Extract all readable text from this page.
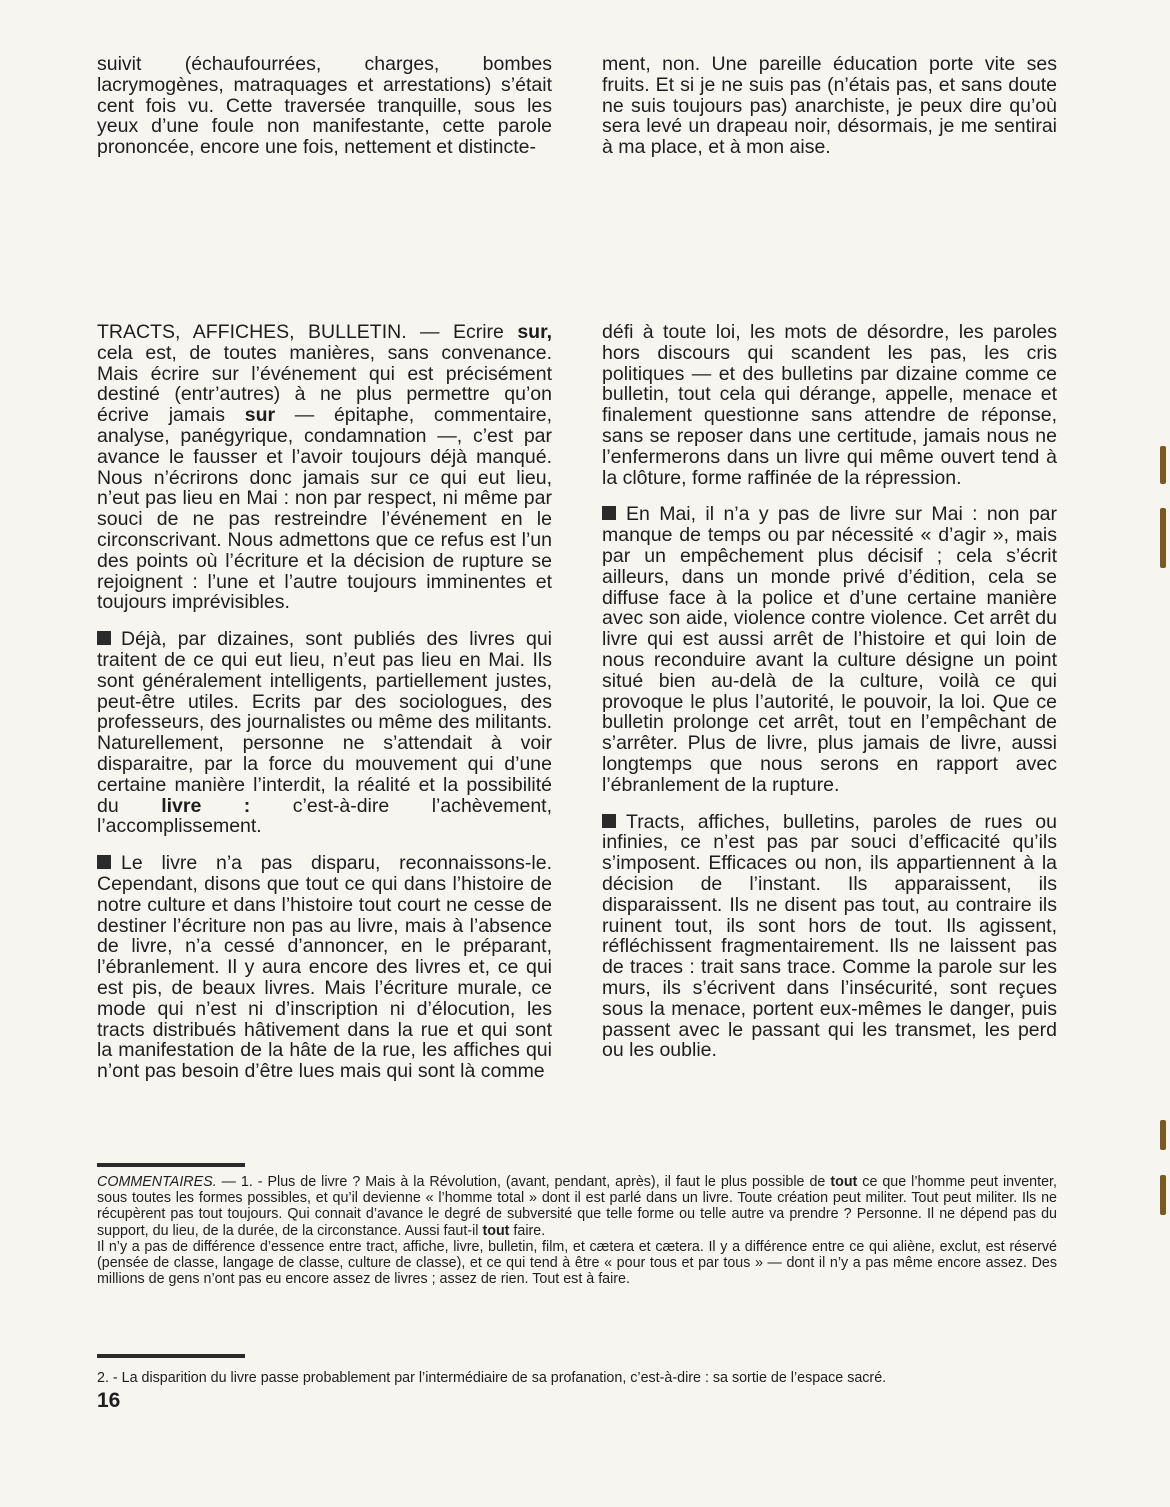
suivit (échaufourrées, charges, bombes lacrymogènes, matraquages et arrestations) s’était cent fois vu. Cette traversée tranquille, sous les yeux d’une foule non manifestante, cette parole prononcée, encore une fois, nettement et distincte-

ment, non. Une pareille éducation porte vite ses fruits. Et si je ne suis pas (n’étais pas, et sans doute ne suis toujours pas) anarchiste, je peux dire qu’où sera levé un drapeau noir, désormais, je me sentirai à ma place, et à mon aise.

TRACTS, AFFICHES, BULLETIN. — Ecrire sur, cela est, de toutes manières, sans convenance. Mais écrire sur l’événement qui est précisément destiné (entr’autres) à ne plus permettre qu’on écrive jamais sur — épitaphe, commentaire, analyse, panégyrique, condamnation —, c’est par avance le fausser et l’avoir toujours déjà manqué. Nous n’écrirons donc jamais sur ce qui eut lieu, n’eut pas lieu en Mai : non par respect, ni même par souci de ne pas restreindre l’événement en le circonscrivant. Nous admettons que ce refus est l’un des points où l’écriture et la décision de rupture se rejoignent : l’une et l’autre toujours imminentes et toujours imprévisibles.

Déjà, par dizaines, sont publiés des livres qui traitent de ce qui eut lieu, n’eut pas lieu en Mai. Ils sont généralement intelligents, partiellement justes, peut-être utiles. Ecrits par des sociologues, des professeurs, des journalistes ou même des militants. Naturellement, personne ne s’attendait à voir disparaitre, par la force du mouvement qui d’une certaine manière l’interdit, la réalité et la possibilité du livre : c’est-à-dire l’achèvement, l’accomplissement.

Le livre n’a pas disparu, reconnaissons-le. Cependant, disons que tout ce qui dans l’histoire de notre culture et dans l’histoire tout court ne cesse de destiner l’écriture non pas au livre, mais à l’absence de livre, n’a cessé d’annoncer, en le préparant, l’ébranlement. Il y aura encore des livres et, ce qui est pis, de beaux livres. Mais l’écriture murale, ce mode qui n’est ni d’inscription ni d’élocution, les tracts distribués hâtivement dans la rue et qui sont la manifestation de la hâte de la rue, les affiches qui n’ont pas besoin d’être lues mais qui sont là comme

défi à toute loi, les mots de désordre, les paroles hors discours qui scandent les pas, les cris politiques — et des bulletins par dizaine comme ce bulletin, tout cela qui dérange, appelle, menace et finalement questionne sans attendre de réponse, sans se reposer dans une certitude, jamais nous ne l’enfermerons dans un livre qui même ouvert tend à la clôture, forme raffinée de la répression.

En Mai, il n’a y pas de livre sur Mai : non par manque de temps ou par nécessité « d’agir », mais par un empêchement plus décisif ; cela s’écrit ailleurs, dans un monde privé d’édition, cela se diffuse face à la police et d’une certaine manière avec son aide, violence contre violence. Cet arrêt du livre qui est aussi arrêt de l’histoire et qui loin de nous reconduire avant la culture désigne un point situé bien au-delà de la culture, voilà ce qui provoque le plus l’autorité, le pouvoir, la loi. Que ce bulletin prolonge cet arrêt, tout en l’empêchant de s’arrêter. Plus de livre, plus jamais de livre, aussi longtemps que nous serons en rapport avec l’ébranlement de la rupture.

Tracts, affiches, bulletins, paroles de rues ou infinies, ce n’est pas par souci d’efficacité qu’ils s’imposent. Efficaces ou non, ils appartiennent à la décision de l’instant. Ils apparaissent, ils disparaissent. Ils ne disent pas tout, au contraire ils ruinent tout, ils sont hors de tout. Ils agissent, réfléchissent fragmentairement. Ils ne laissent pas de traces : trait sans trace. Comme la parole sur les murs, ils s’écrivent dans l’insécurité, sont reçues sous la menace, portent eux-mêmes le danger, puis passent avec le passant qui les transmet, les perd ou les oublie.

COMMENTAIRES. — 1. - Plus de livre ? Mais à la Révolution, (avant, pendant, après), il faut le plus possible de tout ce que l’homme peut inventer, sous toutes les formes possibles, et qu’il devienne « l’homme total » dont il est parlé dans un livre. Toute création peut militer. Tout peut militer. Ils ne récupèrent pas tout toujours. Qui connait d’avance le degré de subversité que telle forme ou telle autre va prendre ? Personne. Il ne dépend pas du support, du lieu, de la durée, de la circonstance. Aussi faut-il tout faire.

Il n’y a pas de différence d’essence entre tract, affiche, livre, bulletin, film, et cætera et cætera. Il y a différence entre ce qui aliène, exclut, est réservé (pensée de classe, langage de classe, culture de classe), et ce qui tend à être « pour tous et par tous » — dont il n’y a pas même encore assez. Des millions de gens n’ont pas eu encore assez de livres ; assez de rien. Tout est à faire.

2. - La disparition du livre passe probablement par l’intermédiaire de sa profanation, c’est-à-dire : sa sortie de l’espace sacré.

16
